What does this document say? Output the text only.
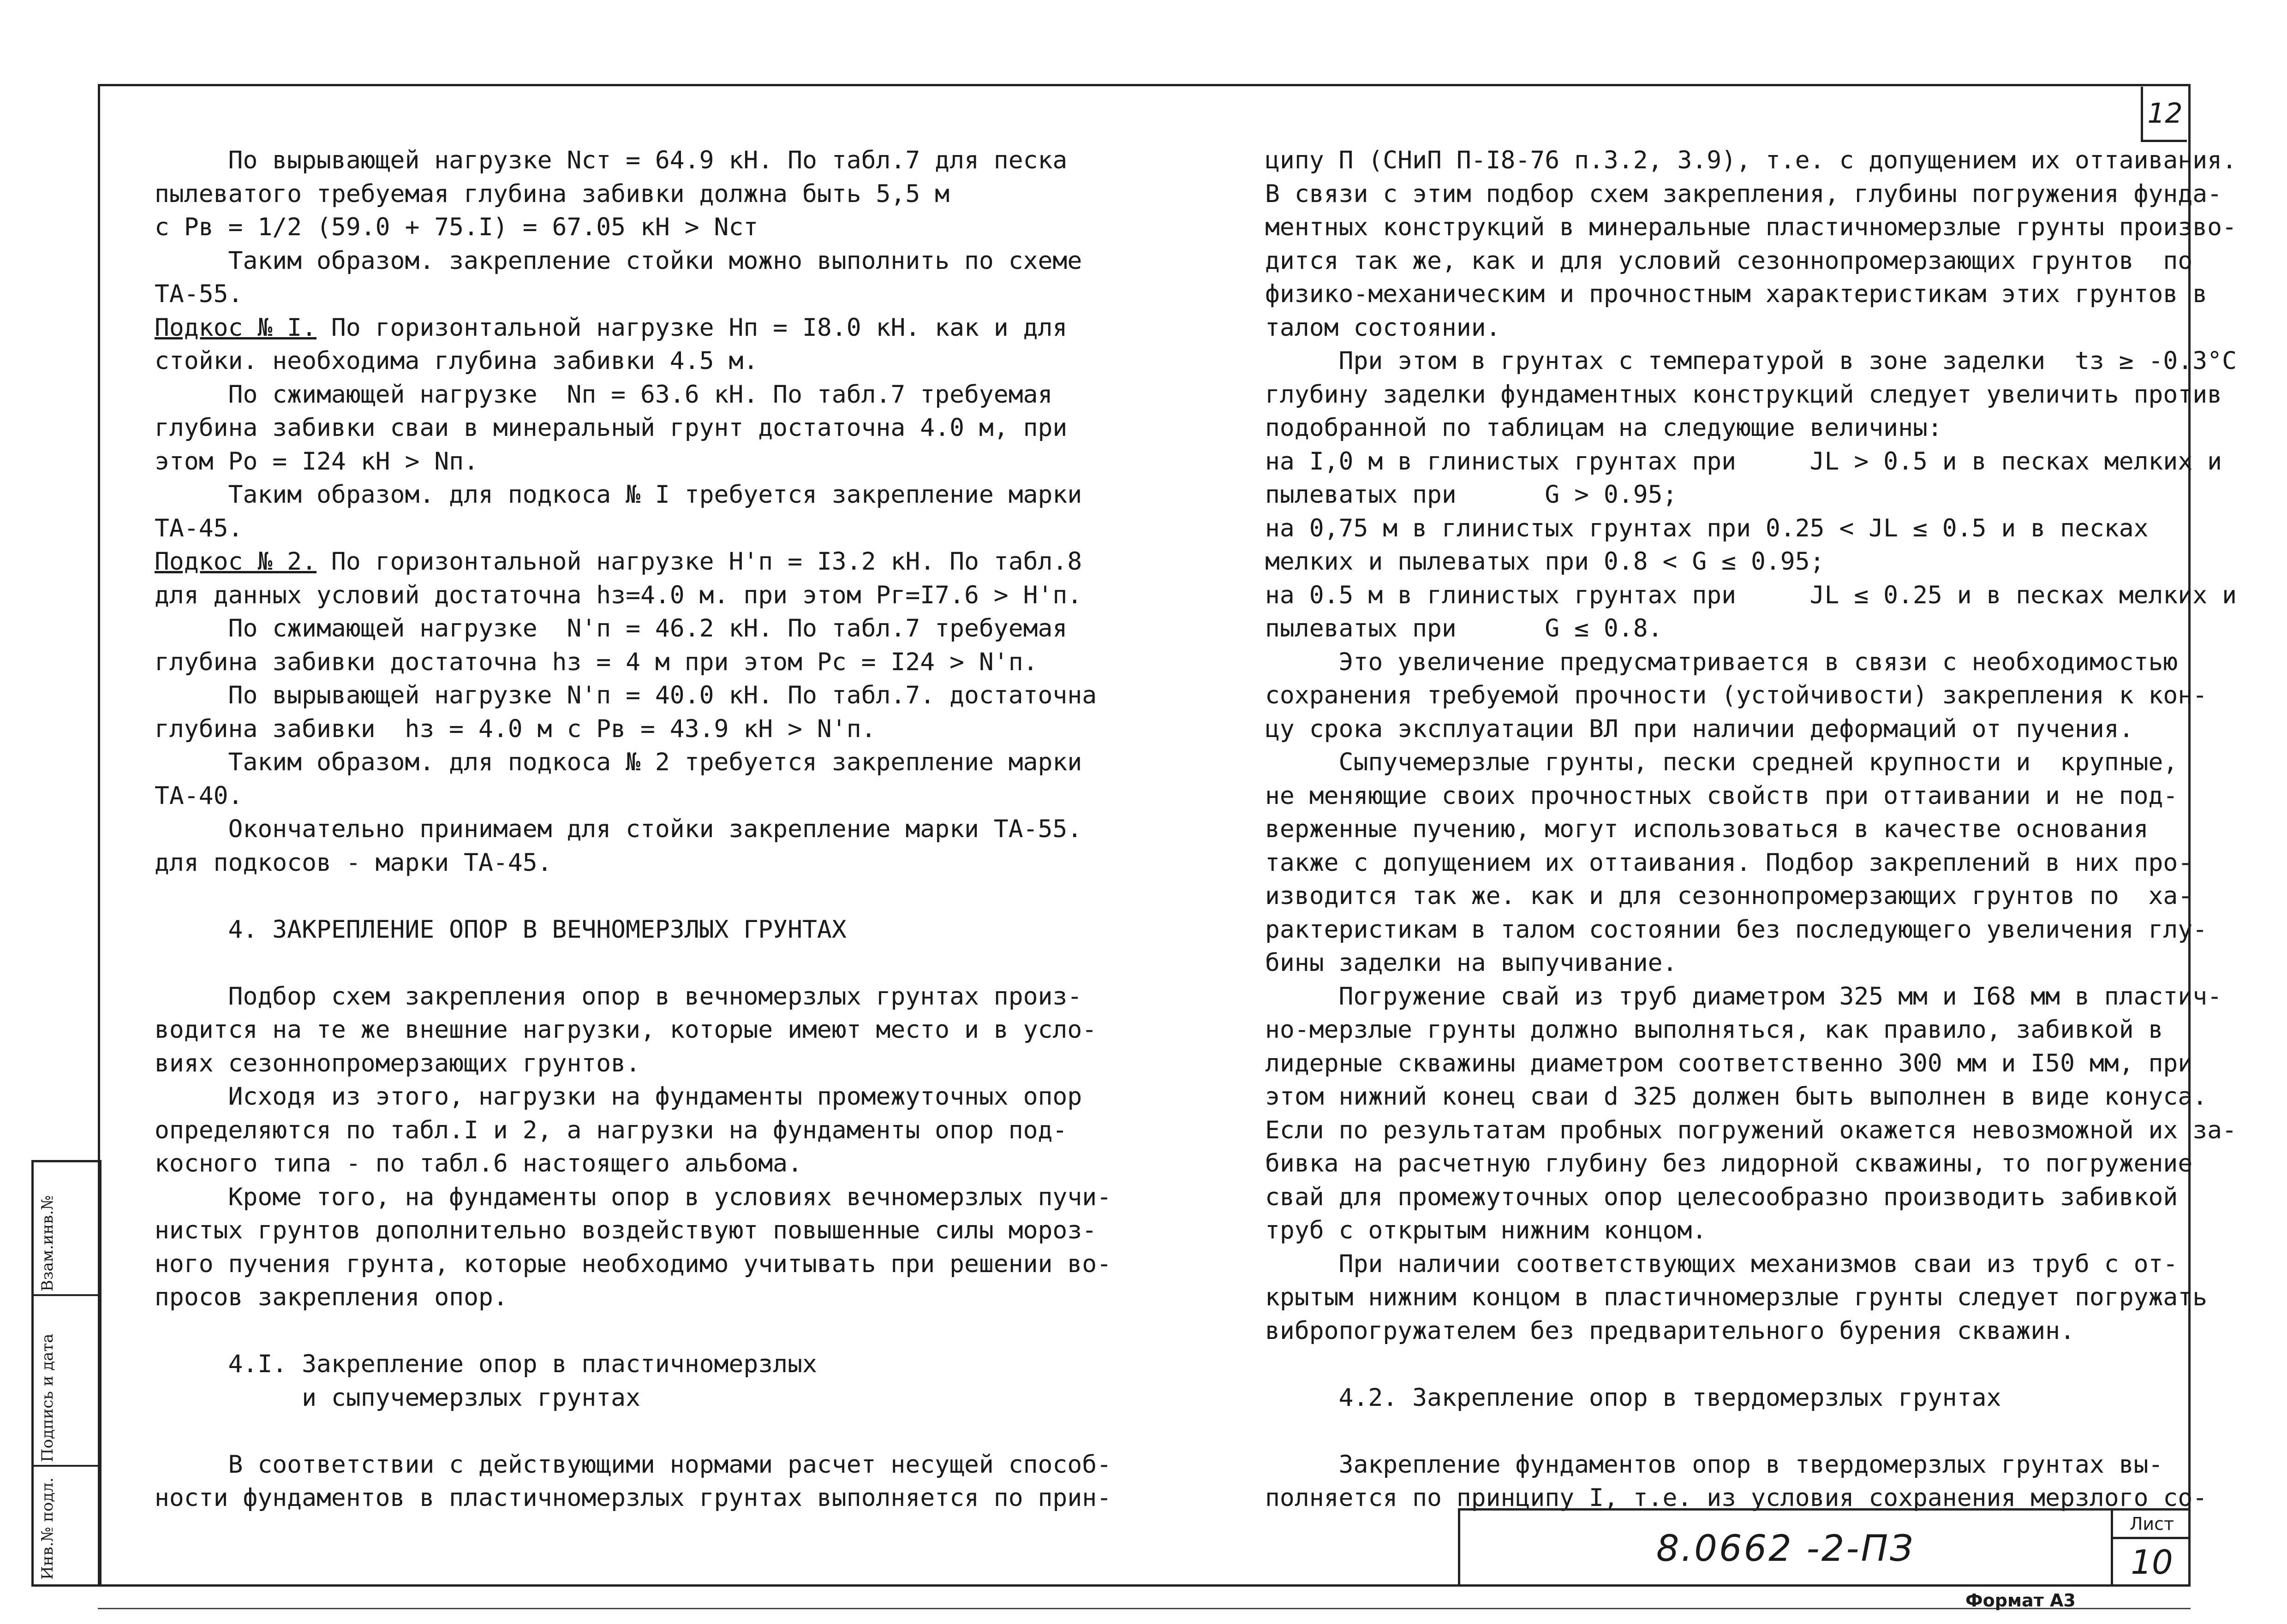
12
По вырывающей нагрузке Nст = 64.9 кН. По табл.7 для песка
пылеватого требуемая глубина забивки должна быть 5,5 м
с Рв = 1/2 (59.0 + 75.I) = 67.05 кН > Nст
Таким образом. закрепление стойки можно выполнить по схеме
ТА-55.
Подкос № I. По горизонтальной нагрузке Нп = I8.0 кН. как и для
стойки. необходима глубина забивки 4.5 м.
По сжимающей нагрузке  Nп = 63.6 кН. По табл.7 требуемая
глубина забивки сваи в минеральный грунт достаточна 4.0 м, при
этом Ро = I24 кН > Nп.
Таким образом. для подкоса № I требуется закрепление марки
ТА-45.
Подкос № 2. По горизонтальной нагрузке Н'п = I3.2 кН. По табл.8
для данных условий достаточна hз=4.0 м. при этом Рг=I7.6 > Н'п.
По сжимающей нагрузке  N'п = 46.2 кН. По табл.7 требуемая
глубина забивки достаточна hз = 4 м при этом Рс = I24 > N'п.
По вырывающей нагрузке N'п = 40.0 кН. По табл.7. достаточна
глубина забивки  hз = 4.0 м с Рв = 43.9 кН > N'п.
Таким образом. для подкоса № 2 требуется закрепление марки
ТА-40.
Окончательно принимаем для стойки закрепление марки ТА-55.
для подкосов - марки ТА-45.
4. ЗАКРЕПЛЕНИЕ ОПОР В ВЕЧНОМЕРЗЛЫХ ГРУНТАХ
Подбор схем закрепления опор в вечномерзлых грунтах произ-
водится на те же внешние нагрузки, которые имеют место и в усло-
виях сезоннопромерзающих грунтов.
Исходя из этого, нагрузки на фундаменты промежуточных опор
определяются по табл.I и 2, а нагрузки на фундаменты опор под-
косного типа - по табл.6 настоящего альбома.
Кроме того, на фундаменты опор в условиях вечномерзлых пучи-
нистых грунтов дополнительно воздействуют повышенные силы морoз-
ного пучения грунта, которые необходимо учитывать при решении во-
просов закрепления опор.
4.I. Закрепление опор в пластичномерзлых
и сыпучемерзлых грунтах
В соответствии с действующими нормами расчет несущей способ-
ности фундаментов в пластичномерзлых грунтах выполняется по прин-
ципу П (СНиП П-I8-76 п.3.2, 3.9), т.е. с допущением их оттаивания.
В связи с этим подбор схем закрепления, глубины погружения фунда-
ментных конструкций в минеральные пластичномерзлые грунты произво-
дится так же, как и для условий сезоннопромерзающих грунтов  по
физико-механическим и прочностным характеристикам этих грунтов в
талом состоянии.
При этом в грунтах с температурой в зоне заделки  tз ≥ -0.3°С
глубину заделки фундаментных конструкций следует увеличить против
подобранной по таблицам на следующие величины:
на I,0 м в глинистых грунтах при     JL > 0.5 и в песках мелких и
пылеватых при      G > 0.95;
на 0,75 м в глинистых грунтах при 0.25 < JL ≤ 0.5 и в песках
мелких и пылеватых при 0.8 < G ≤ 0.95;
на 0.5 м в глинистых грунтах при     JL ≤ 0.25 и в песках мелких и
пылеватых при      G ≤ 0.8.
Это увеличение предусматривается в связи с необходимостью
сохранения требуемой прочности (устойчивости) закрепления к кон-
цу срока эксплуатации ВЛ при наличии деформаций от пучения.
Сыпучемерзлые грунты, пески средней крупности и  крупные,
не меняющие своих прочностных свойств при оттаивании и не под-
верженные пучению, могут использоваться в качестве основания
также с допущением их оттаивания. Подбор закреплений в них про-
изводится так же. как и для сезоннопромерзающих грунтов по  ха-
рактеристикам в талом состоянии без последующего увеличения глу-
бины заделки на выпучивание.
Погружение свай из труб диаметром 325 мм и I68 мм в пластич-
но-мерзлые грунты должно выполняться, как правило, забивкой в
лидерные скважины диаметром соответственно 300 мм и I50 мм, при
этом нижний конец сваи d 325 должен быть выполнен в виде конуса.
Если по результатам пробных погружений окажется невозможной их за-
бивка на расчетную глубину без лидорной скважины, то погружение
свай для промежуточных опор целесообразно производить забивкой
труб с открытым нижним концом.
При наличии соответствующих механизмов сваи из труб с от-
крытым нижним концом в пластичномерзлые грунты следует погружать
вибропогружателем без предварительного бурения скважин.
4.2. Закрепление опор в твердомерзлых грунтах
Закрепление фундаментов опор в твердомерзлых грунтах вы-
полняется по принципу I, т.е. из условия сохранения мерзлого со-
Взам.инв.№
Подпись и дата
Инв.№ подл.	8.0662 -2-ПЗ
Лист
10
Формат А3
